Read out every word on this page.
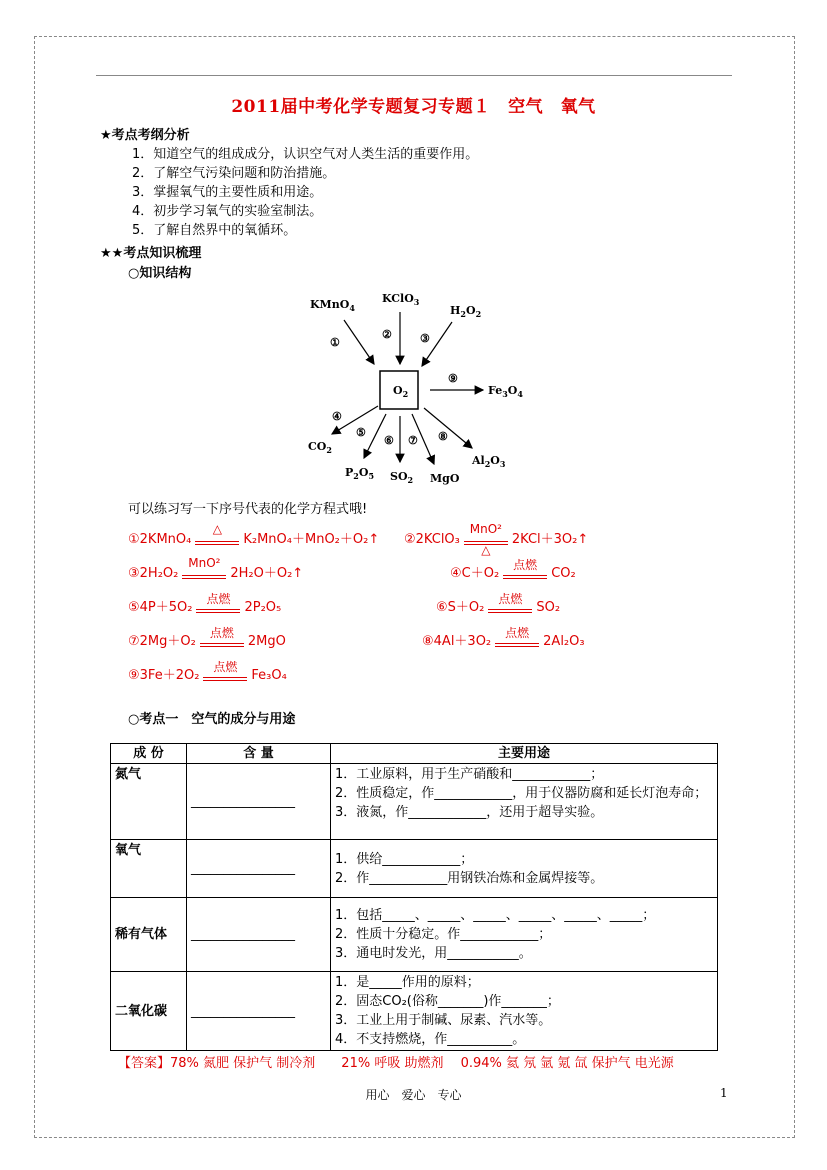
2011届中考化学专题复习专题１　空气　氧气
★考点考纲分析
1．知道空气的组成成分，认识空气对人类生活的重要作用。
2．了解空气污染问题和防治措施。
3．掌握氧气的主要性质和用途。
4．初步学习氧气的实验室制法。
5．了解自然界中的氧循环。
★★考点知识梳理
○知识结构
$O_2$
KMnO$_4$
KClO$_3$
$H_2O_2$
$Fe_3O_4$
$CO_2$
$P_2O_5$ $SO_2$ MgO
$Al_2O_3$
①
②	③
⑨
④
⑤
⑥ ⑦ ⑧
可以练习写一下序号代表的化学方程式哦!
①2KMnO₄
△
K₂MnO₄＋MnO₂＋O₂↑ ②2KClO₃
MnO²
△
2KCl＋3O₂↑
③2H₂O₂
MnO²
2H₂O＋O₂↑	④C＋O₂
点燃
CO₂
⑤4P＋5O₂
点燃
2P₂O₅	⑥S＋O₂
点燃
SO₂
⑦2Mg＋O₂
点燃
2MgO	⑧4Al＋3O₂
点燃
2Al₂O₃
⑨3Fe＋2O₂
点燃
Fe₃O₄
○考点一　空气的成分与用途
成 份	含 量	主要用途
氮气	________________	1．工业原料，用于生产硝酸和____________；
2．性质稳定，作____________，用于仪器防腐和延长灯泡寿命；
3．液氮，作____________，还用于超导实验。

氧气	________________	1．供给____________；
2．作____________用钢铁冶炼和金属焊接等。

稀有气体	________________	1．包括_____、_____、_____、_____、_____、_____；
2．性质十分稳定。作____________；
3．通电时发光，用___________。

二氧化碳	________________	1．是_____作用的原料；
2．固态CO₂(俗称_______)作_______；
3．工业上用于制碱、尿素、汽水等。
4．不支持燃烧，作__________。
【答案】78% 氮肥 保护气 制冷剂　　21% 呼吸 助燃剂　 0.94% 氦 氖 氩 氪 氙 保护气 电光源
用心　爱心　专心	1
